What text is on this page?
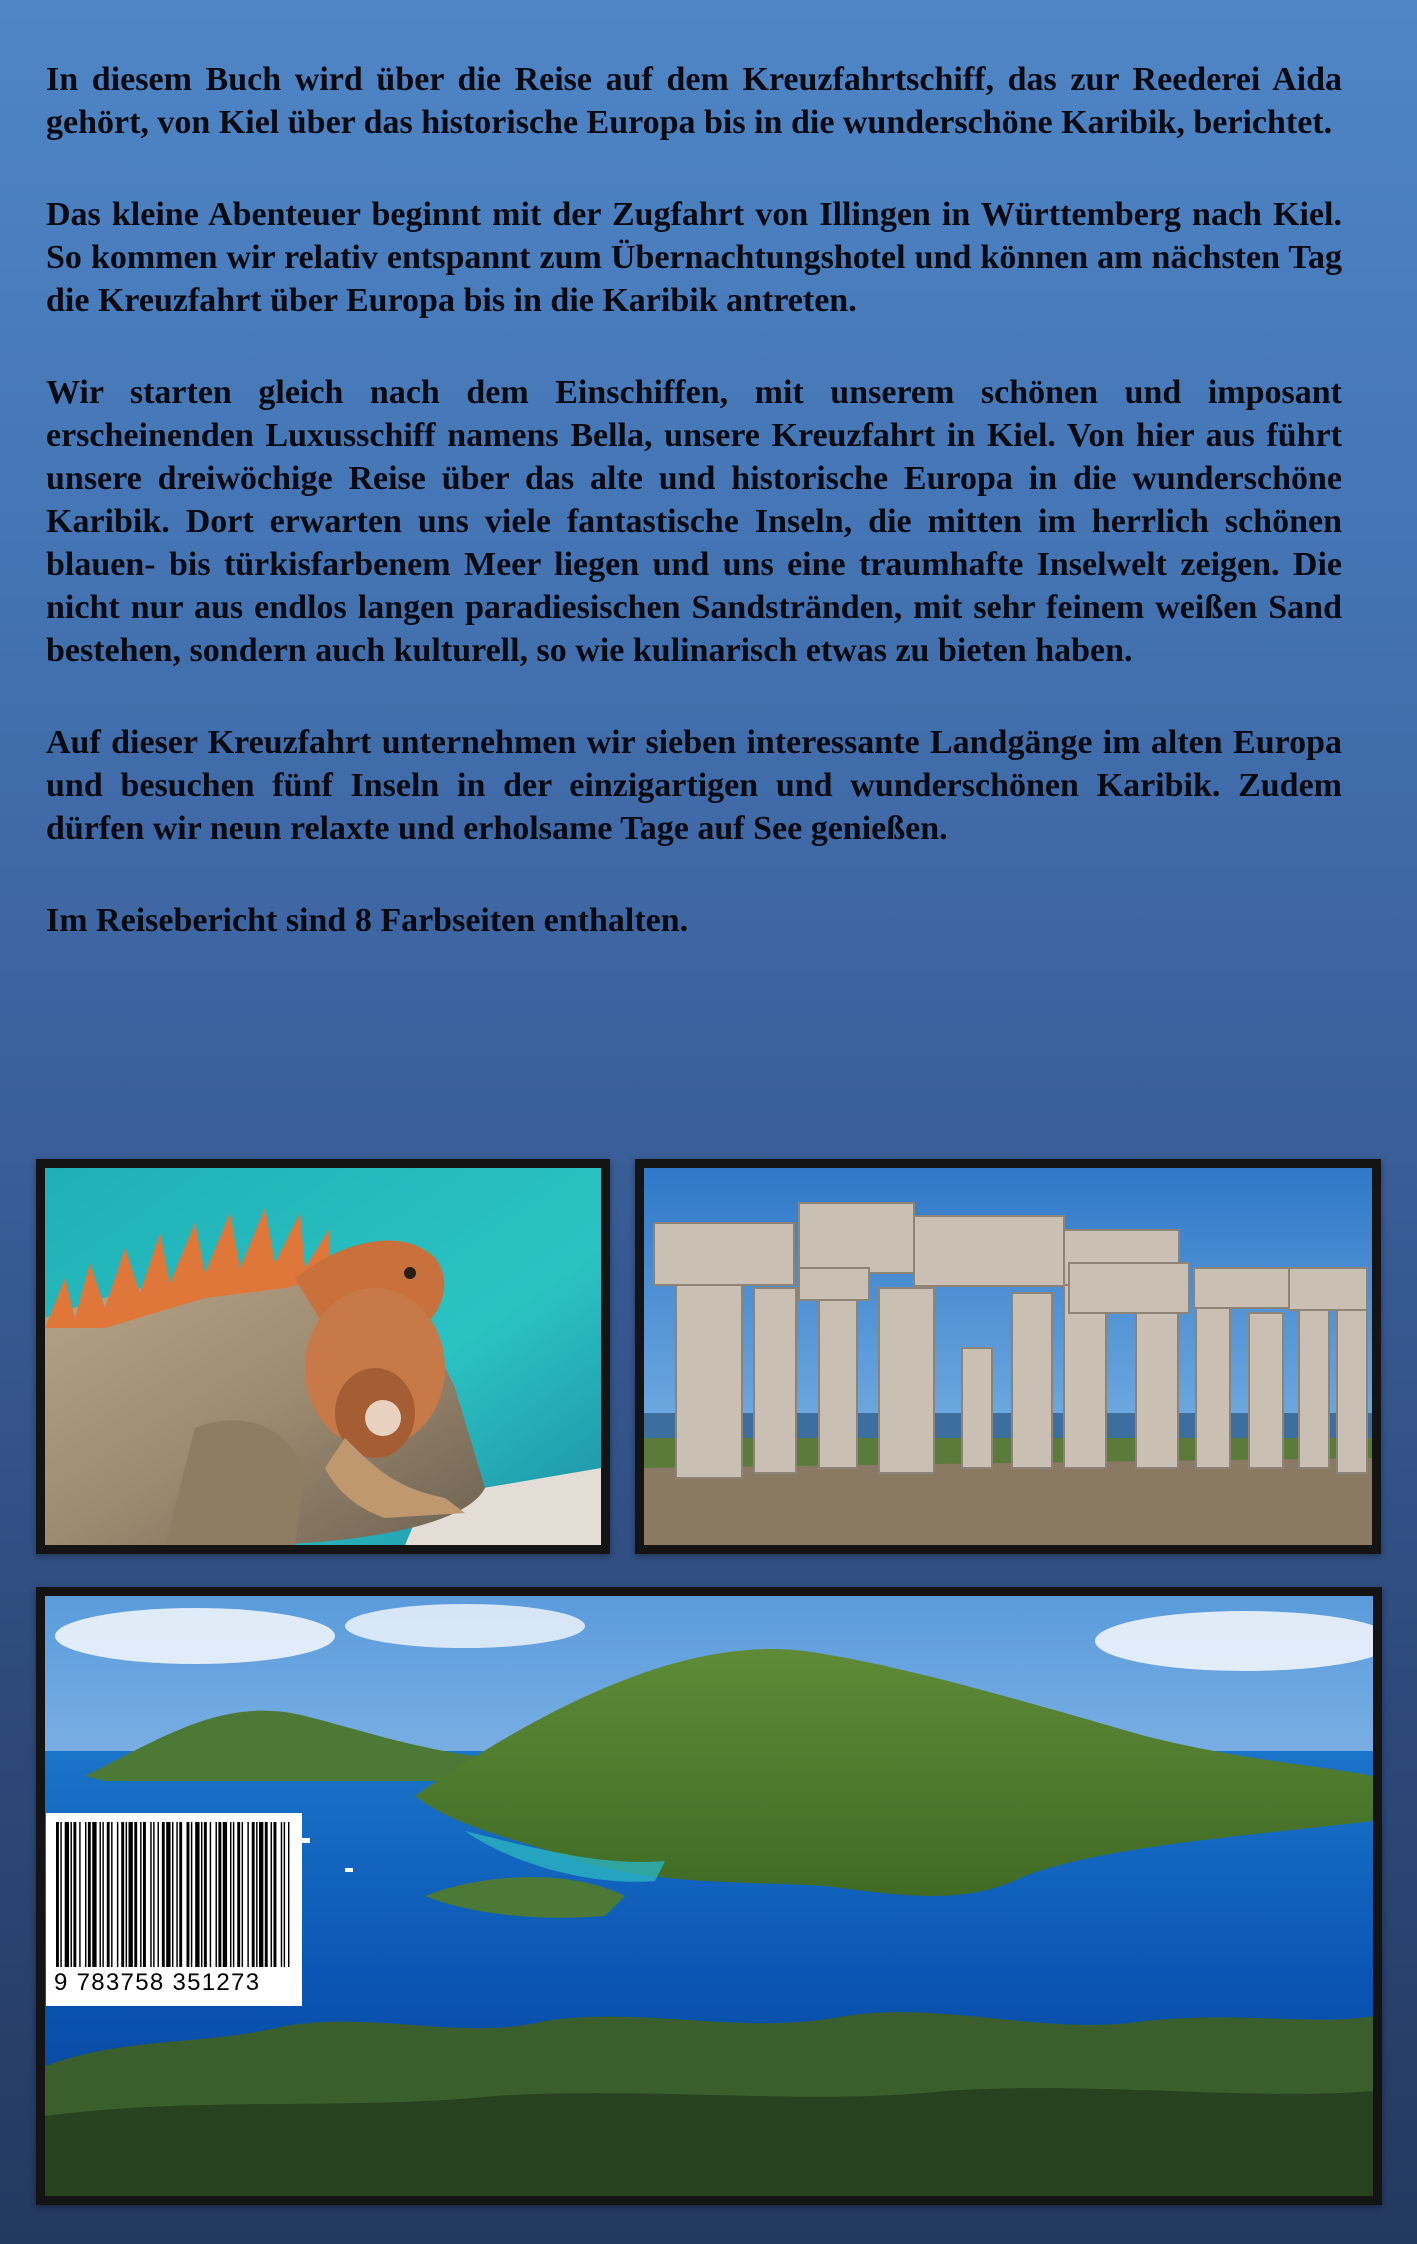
In diesem Buch wird über die Reise auf dem Kreuzfahrtschiff, das zur Reederei Aida gehört, von Kiel über das historische Europa bis in die wunderschöne Karibik, berichtet.

Das kleine Abenteuer beginnt mit der Zugfahrt von Illingen in Württemberg nach Kiel. So kommen wir relativ entspannt zum Übernachtungshotel und können am nächsten Tag die Kreuzfahrt über Europa bis in die Karibik antreten.

Wir starten gleich nach dem Einschiffen, mit unserem schönen und imposant erscheinenden Luxusschiff namens Bella, unsere Kreuzfahrt in Kiel. Von hier aus führt unsere dreiwöchige Reise über das alte und historische Europa in die wunderschöne Karibik. Dort erwarten uns viele fantastische Inseln, die mitten im herrlich schönen blauen- bis türkisfarbenem Meer liegen und uns eine traumhafte Inselwelt zeigen. Die nicht nur aus endlos langen paradiesischen Sandstränden, mit sehr feinem weißen Sand bestehen, sondern auch kulturell, so wie kulinarisch etwas zu bieten haben.

Auf dieser Kreuzfahrt unternehmen wir sieben interessante Landgänge im alten Europa und besuchen fünf Inseln in der einzigartigen und wunderschönen Karibik. Zudem dürfen wir neun relaxte und erholsame Tage auf See genießen.

Im Reisebericht sind 8 Farbseiten enthalten.

9 783758 351273
